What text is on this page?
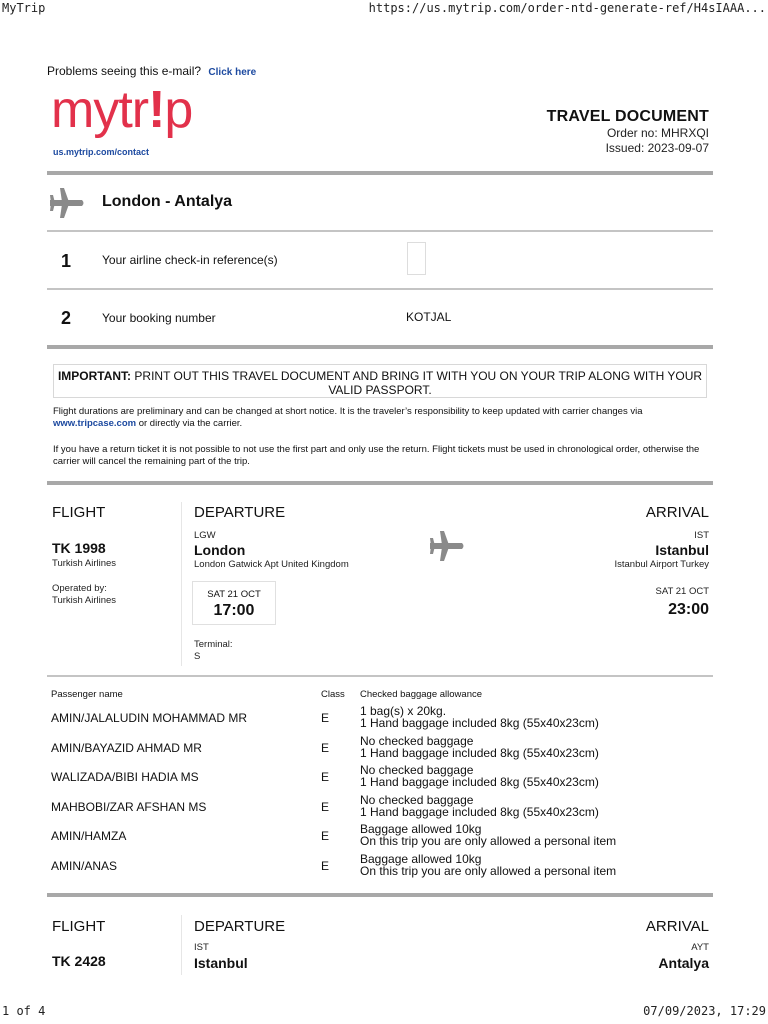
MyTrip	https://us.mytrip.com/order-ntd-generate-ref/H4sIAAA...
1 of 4	07/09/2023, 17:29
Problems seeing this e-mail? Click here
mytr!p
us.mytrip.com/contact
TRAVEL DOCUMENT
Order no: MHRXQI
Issued: 2023-09-07
London - Antalya
1	Your airline check-in reference(s)
2	Your booking number	KOTJAL
IMPORTANT: PRINT OUT THIS TRAVEL DOCUMENT AND BRING IT WITH YOU ON YOUR TRIP ALONG WITH YOUR VALID PASSPORT.
Flight durations are preliminary and can be changed at short notice. It is the traveler’s responsibility to keep updated with carrier changes via www.tripcase.com or directly via the carrier.
If you have a return ticket it is not possible to not use the first part and only use the return. Flight tickets must be used in chronological order, otherwise the carrier will cancel the remaining part of the trip.
FLIGHT	DEPARTURE	ARRIVAL
TK 1998
Turkish Airlines
Operated by:
Turkish Airlines
LGW
London
London Gatwick Apt United Kingdom
SAT 21 OCT
17:00
Terminal:
S
IST
Istanbul
Istanbul Airport Turkey
SAT 21 OCT
23:00
Passenger name	Class Checked baggage allowance
AMIN/JALALUDIN MOHAMMAD MR	E	1 bag(s) x 20kg.
1 Hand baggage included 8kg (55x40x23cm)
AMIN/BAYAZID AHMAD MR	E	No checked baggage
1 Hand baggage included 8kg (55x40x23cm)
WALIZADA/BIBI HADIA MS	E	No checked baggage
1 Hand baggage included 8kg (55x40x23cm)
MAHBOBI/ZAR AFSHAN MS	E	No checked baggage
1 Hand baggage included 8kg (55x40x23cm)
AMIN/HAMZA	E	Baggage allowed 10kg
On this trip you are only allowed a personal item
AMIN/ANAS	E	Baggage allowed 10kg
On this trip you are only allowed a personal item
FLIGHT	DEPARTURE	ARRIVAL
TK 2428
IST
Istanbul
AYT
Antalya
